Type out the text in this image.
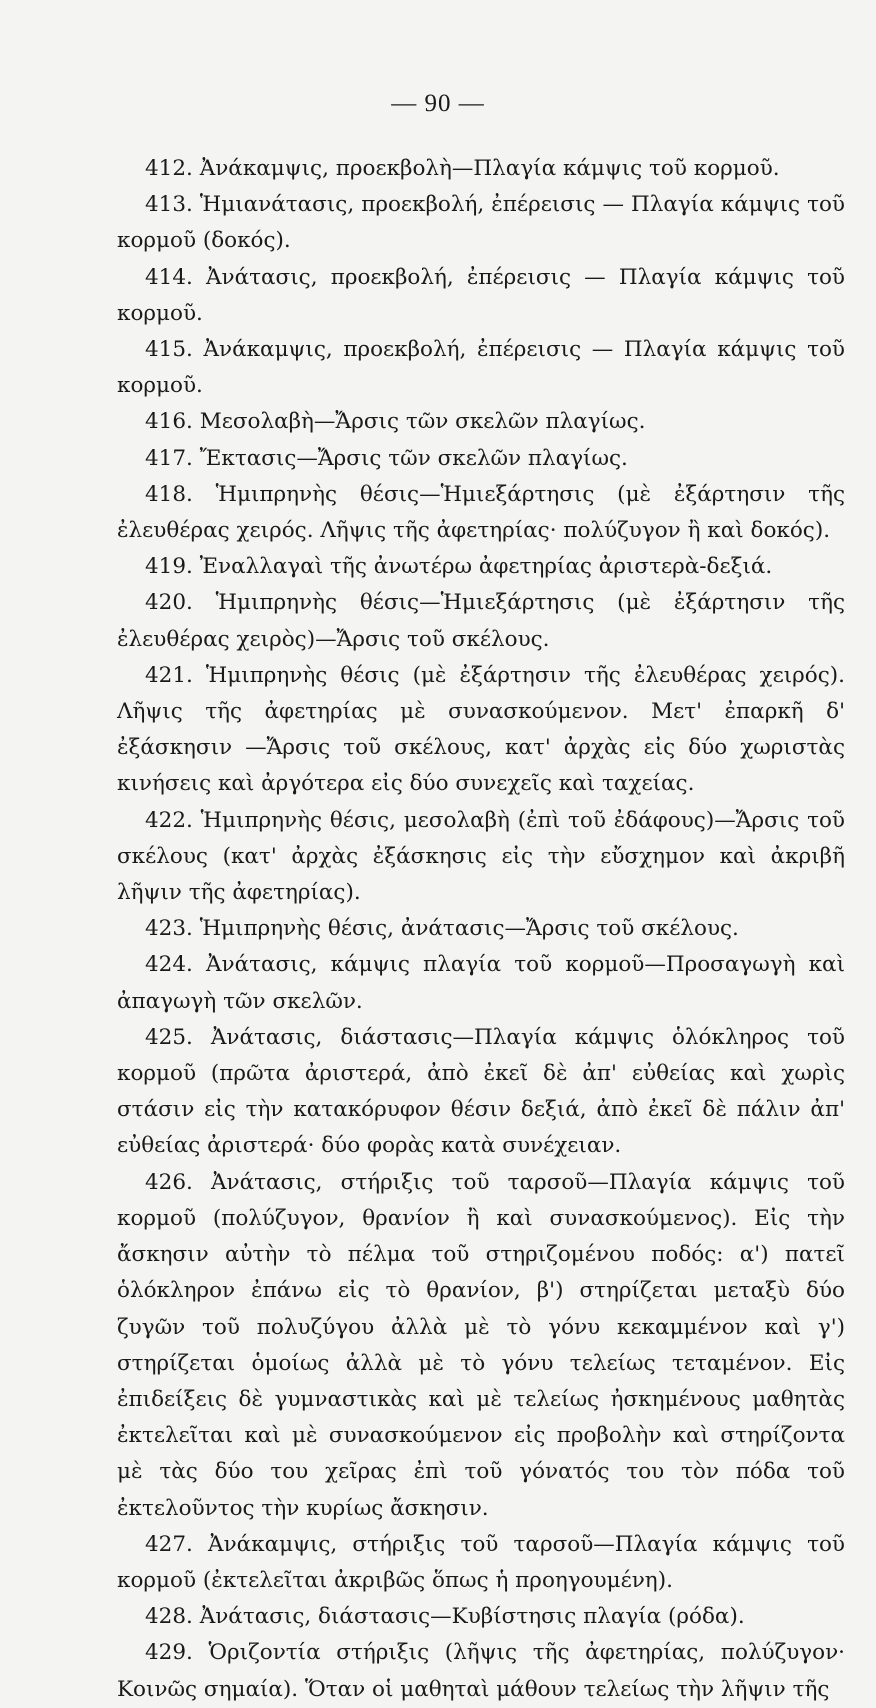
— 90 —

412. Ἀνάκαμψις, προεκβολὴ—Πλαγία κάμψις τοῦ κορμοῦ.

413. Ἡμιανάτασις, προεκβολή, ἐπέρεισις — Πλαγία κάμψις τοῦ κορμοῦ (δοκός).

414. Ἀνάτασις, προεκβολή, ἐπέρεισις — Πλαγία κάμψις τοῦ κορμοῦ.

415. Ἀνάκαμψις, προεκβολή, ἐπέρεισις — Πλαγία κάμψις τοῦ κορμοῦ.

416. Μεσολαβὴ—Ἄρσις τῶν σκελῶν πλαγίως.

417. Ἔκτασις—Ἄρσις τῶν σκελῶν πλαγίως.

418. Ἡμιπρηνὴς θέσις—Ἡμιεξάρτησις (μὲ ἐξάρτησιν τῆς ἐλευθέρας χειρός. Λῆψις τῆς ἀφετηρίας· πολύζυγον ἢ καὶ δοκός).

419. Ἐναλλαγαὶ τῆς ἀνωτέρω ἀφετηρίας ἀριστερὰ-δεξιά.

420. Ἡμιπρηνὴς θέσις—Ἡμιεξάρτησις (μὲ ἐξάρτησιν τῆς ἐλευθέρας χειρὸς)—Ἄρσις τοῦ σκέλους.

421. Ἡμιπρηνὴς θέσις (μὲ ἐξάρτησιν τῆς ἐλευθέρας χειρός). Λῆψις τῆς ἀφετηρίας μὲ συνασκούμενον. Μετ' ἐπαρκῆ δ' ἐξάσκησιν —Ἄρσις τοῦ σκέλους, κατ' ἀρχὰς εἰς δύο χωριστὰς κινήσεις καὶ ἀργότερα εἰς δύο συνεχεῖς καὶ ταχείας.

422. Ἡμιπρηνὴς θέσις, μεσολαβὴ (ἐπὶ τοῦ ἐδάφους)—Ἄρσις τοῦ σκέλους (κατ' ἀρχὰς ἐξάσκησις εἰς τὴν εὔσχημον καὶ ἀκριβῆ λῆψιν τῆς ἀφετηρίας).

423. Ἡμιπρηνὴς θέσις, ἀνάτασις—Ἄρσις τοῦ σκέλους.

424. Ἀνάτασις, κάμψις πλαγία τοῦ κορμοῦ—Προσαγωγὴ καὶ ἀπαγωγὴ τῶν σκελῶν.

425. Ἀνάτασις, διάστασις—Πλαγία κάμψις ὁλόκληρος τοῦ κορμοῦ (πρῶτα ἀριστερά, ἀπὸ ἐκεῖ δὲ ἀπ' εὐθείας καὶ χωρὶς στάσιν εἰς τὴν κατακόρυφον θέσιν δεξιά, ἀπὸ ἐκεῖ δὲ πάλιν ἀπ' εὐθείας ἀριστερά· δύο φορὰς κατὰ συνέχειαν.

426. Ἀνάτασις, στήριξις τοῦ ταρσοῦ—Πλαγία κάμψις τοῦ κορμοῦ (πολύζυγον, θρανίον ἢ καὶ συνασκούμενος). Εἰς τὴν ἄσκησιν αὐτὴν τὸ πέλμα τοῦ στηριζομένου ποδός: α') πατεῖ ὁλόκληρον ἐπάνω εἰς τὸ θρανίον, β') στηρίζεται μεταξὺ δύο ζυγῶν τοῦ πολυζύγου ἀλλὰ μὲ τὸ γόνυ κεκαμμένον καὶ γ') στηρίζεται ὁμοίως ἀλλὰ μὲ τὸ γόνυ τελείως τεταμένον. Εἰς ἐπιδείξεις δὲ γυμναστικὰς καὶ μὲ τελείως ἠσκημένους μαθητὰς ἐκτελεῖται καὶ μὲ συνασκούμενον εἰς προβολὴν καὶ στηρίζοντα μὲ τὰς δύο του χεῖρας ἐπὶ τοῦ γόνατός του τὸν πόδα τοῦ ἐκτελοῦντος τὴν κυρίως ἄσκησιν.

427. Ἀνάκαμψις, στήριξις τοῦ ταρσοῦ—Πλαγία κάμψις τοῦ κορμοῦ (ἐκτελεῖται ἀκριβῶς ὅπως ἡ προηγουμένη).

428. Ἀνάτασις, διάστασις—Κυβίστησις πλαγία (ρόδα).

429. Ὁριζοντία στήριξις (λῆψις τῆς ἀφετηρίας, πολύζυγον· Κοινῶς σημαία). Ὅταν οἱ μαθηταὶ μάθουν τελείως τὴν λῆψιν τῆς
